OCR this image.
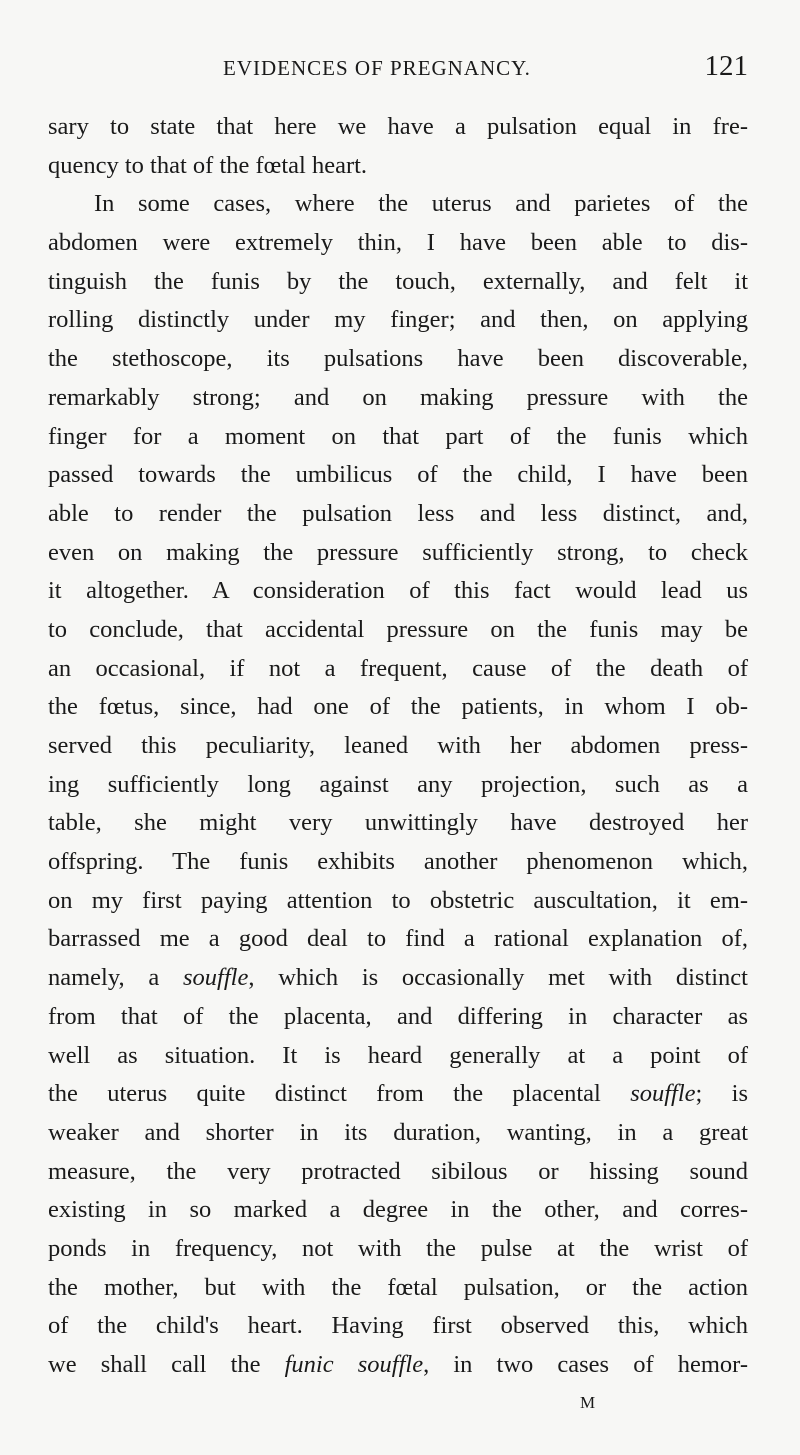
EVIDENCES OF PREGNANCY.	121
sary to state that here we have a pulsation equal in fre-
quency to that of the fœtal heart.
In some cases, where the uterus and parietes of the
abdomen were extremely thin, I have been able to dis-
tinguish the funis by the touch, externally, and felt it
rolling distinctly under my finger; and then, on applying
the stethoscope, its pulsations have been discoverable,
remarkably strong; and on making pressure with the
finger for a moment on that part of the funis which
passed towards the umbilicus of the child, I have been
able to render the pulsation less and less distinct, and,
even on making the pressure sufficiently strong, to check
it altogether. A consideration of this fact would lead us
to conclude, that accidental pressure on the funis may be
an occasional, if not a frequent, cause of the death of
the fœtus, since, had one of the patients, in whom I ob-
served this peculiarity, leaned with her abdomen press-
ing sufficiently long against any projection, such as a
table, she might very unwittingly have destroyed her
offspring. The funis exhibits another phenomenon which,
on my first paying attention to obstetric auscultation, it em-
barrassed me a good deal to find a rational explanation of,
namely, a souffle, which is occasionally met with distinct
from that of the placenta, and differing in character as
well as situation. It is heard generally at a point of
the uterus quite distinct from the placental souffle; is
weaker and shorter in its duration, wanting, in a great
measure, the very protracted sibilous or hissing sound
existing in so marked a degree in the other, and corres-
ponds in frequency, not with the pulse at the wrist of
the mother, but with the fœtal pulsation, or the action
of the child's heart. Having first observed this, which
we shall call the funic souffle, in two cases of hemor-
M
